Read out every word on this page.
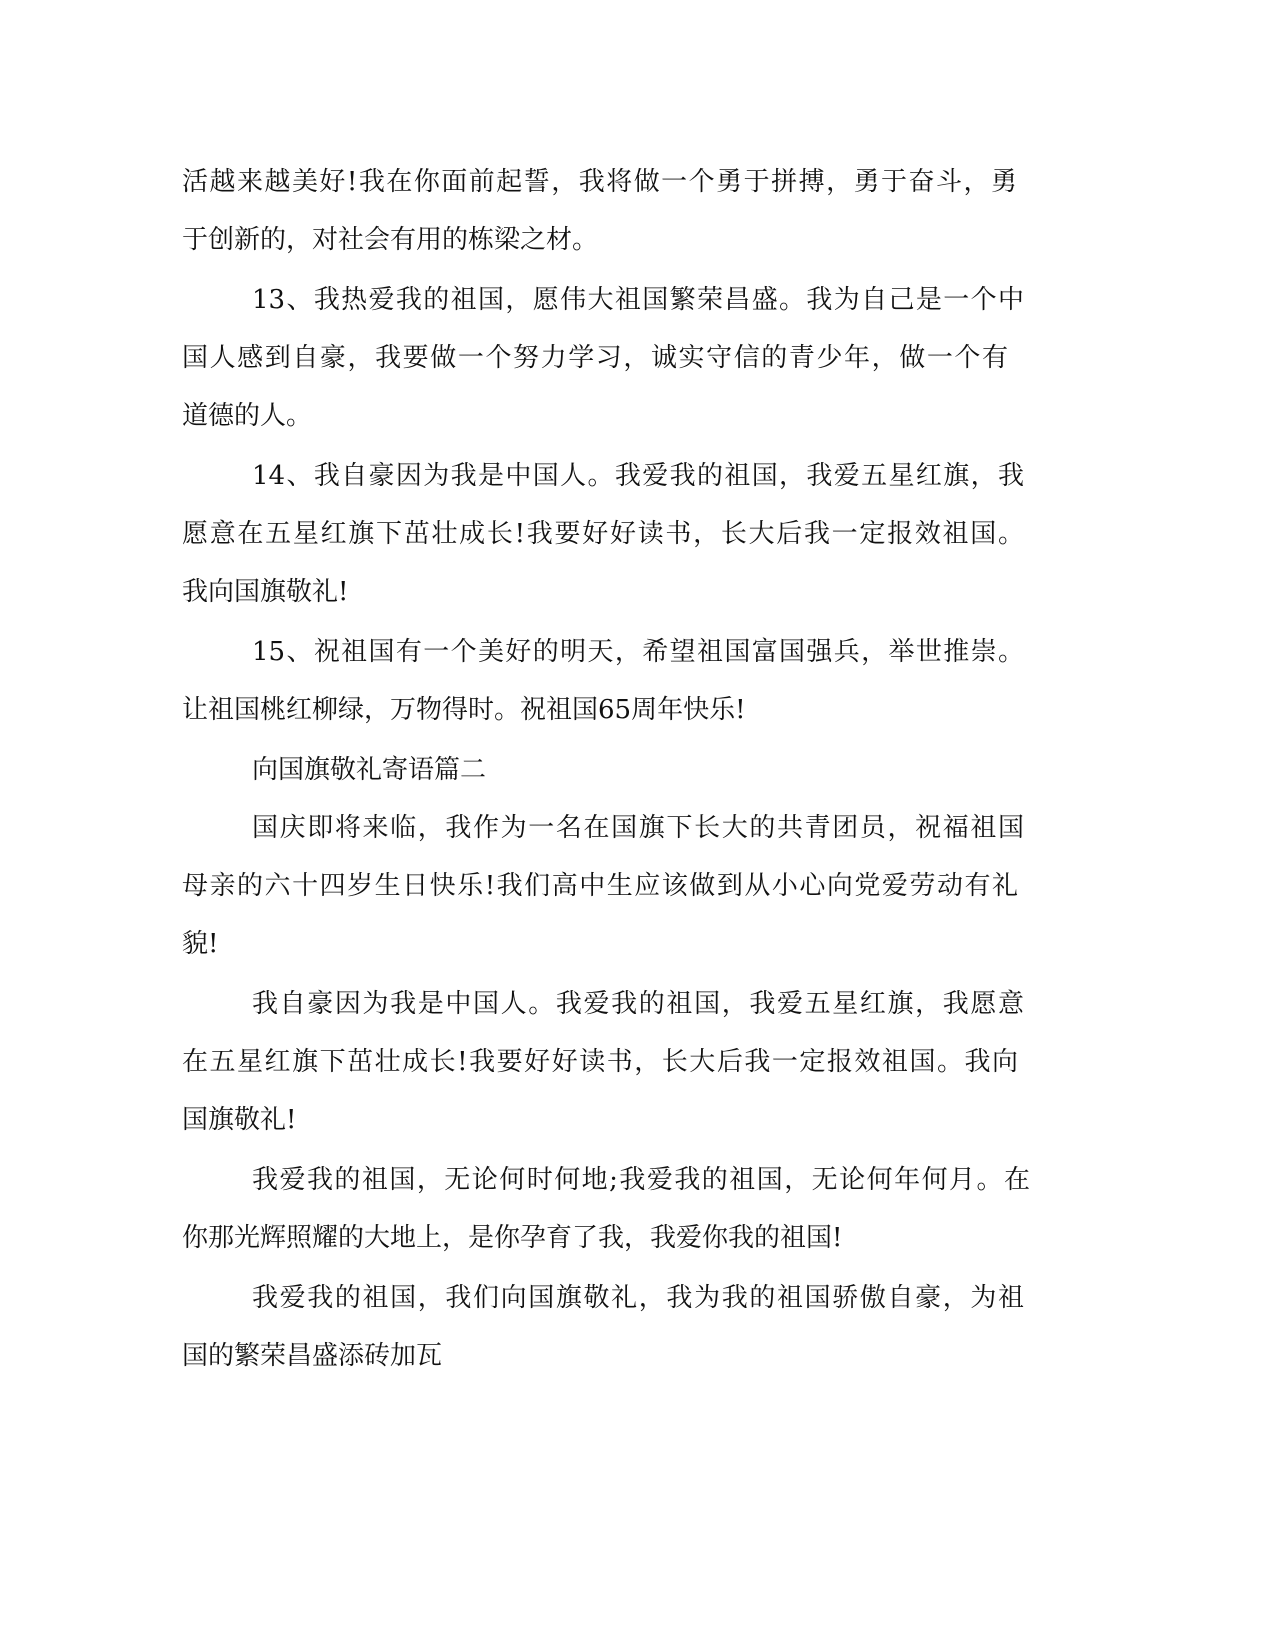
活越来越美好!我在你面前起誓，我将做一个勇于拼搏，勇于奋斗，勇
于创新的，对社会有用的栋梁之材。
13、我热爱我的祖国，愿伟大祖国繁荣昌盛。我为自己是一个中
国人感到自豪，我要做一个努力学习，诚实守信的青少年，做一个有
道德的人。
14、我自豪因为我是中国人。我爱我的祖国，我爱五星红旗，我
愿意在五星红旗下茁壮成长!我要好好读书，长大后我一定报效祖国。
我向国旗敬礼!
15、祝祖国有一个美好的明天，希望祖国富国强兵，举世推崇。
让祖国桃红柳绿，万物得时。祝祖国65周年快乐!
向国旗敬礼寄语篇二
国庆即将来临，我作为一名在国旗下长大的共青团员，祝福祖国
母亲的六十四岁生日快乐!我们高中生应该做到从小心向党爱劳动有礼
貌!
我自豪因为我是中国人。我爱我的祖国，我爱五星红旗，我愿意
在五星红旗下茁壮成长!我要好好读书，长大后我一定报效祖国。我向
国旗敬礼!
我爱我的祖国，无论何时何地;我爱我的祖国，无论何年何月。在
你那光辉照耀的大地上，是你孕育了我，我爱你我的祖国!
我爱我的祖国，我们向国旗敬礼，我为我的祖国骄傲自豪，为祖
国的繁荣昌盛添砖加瓦
